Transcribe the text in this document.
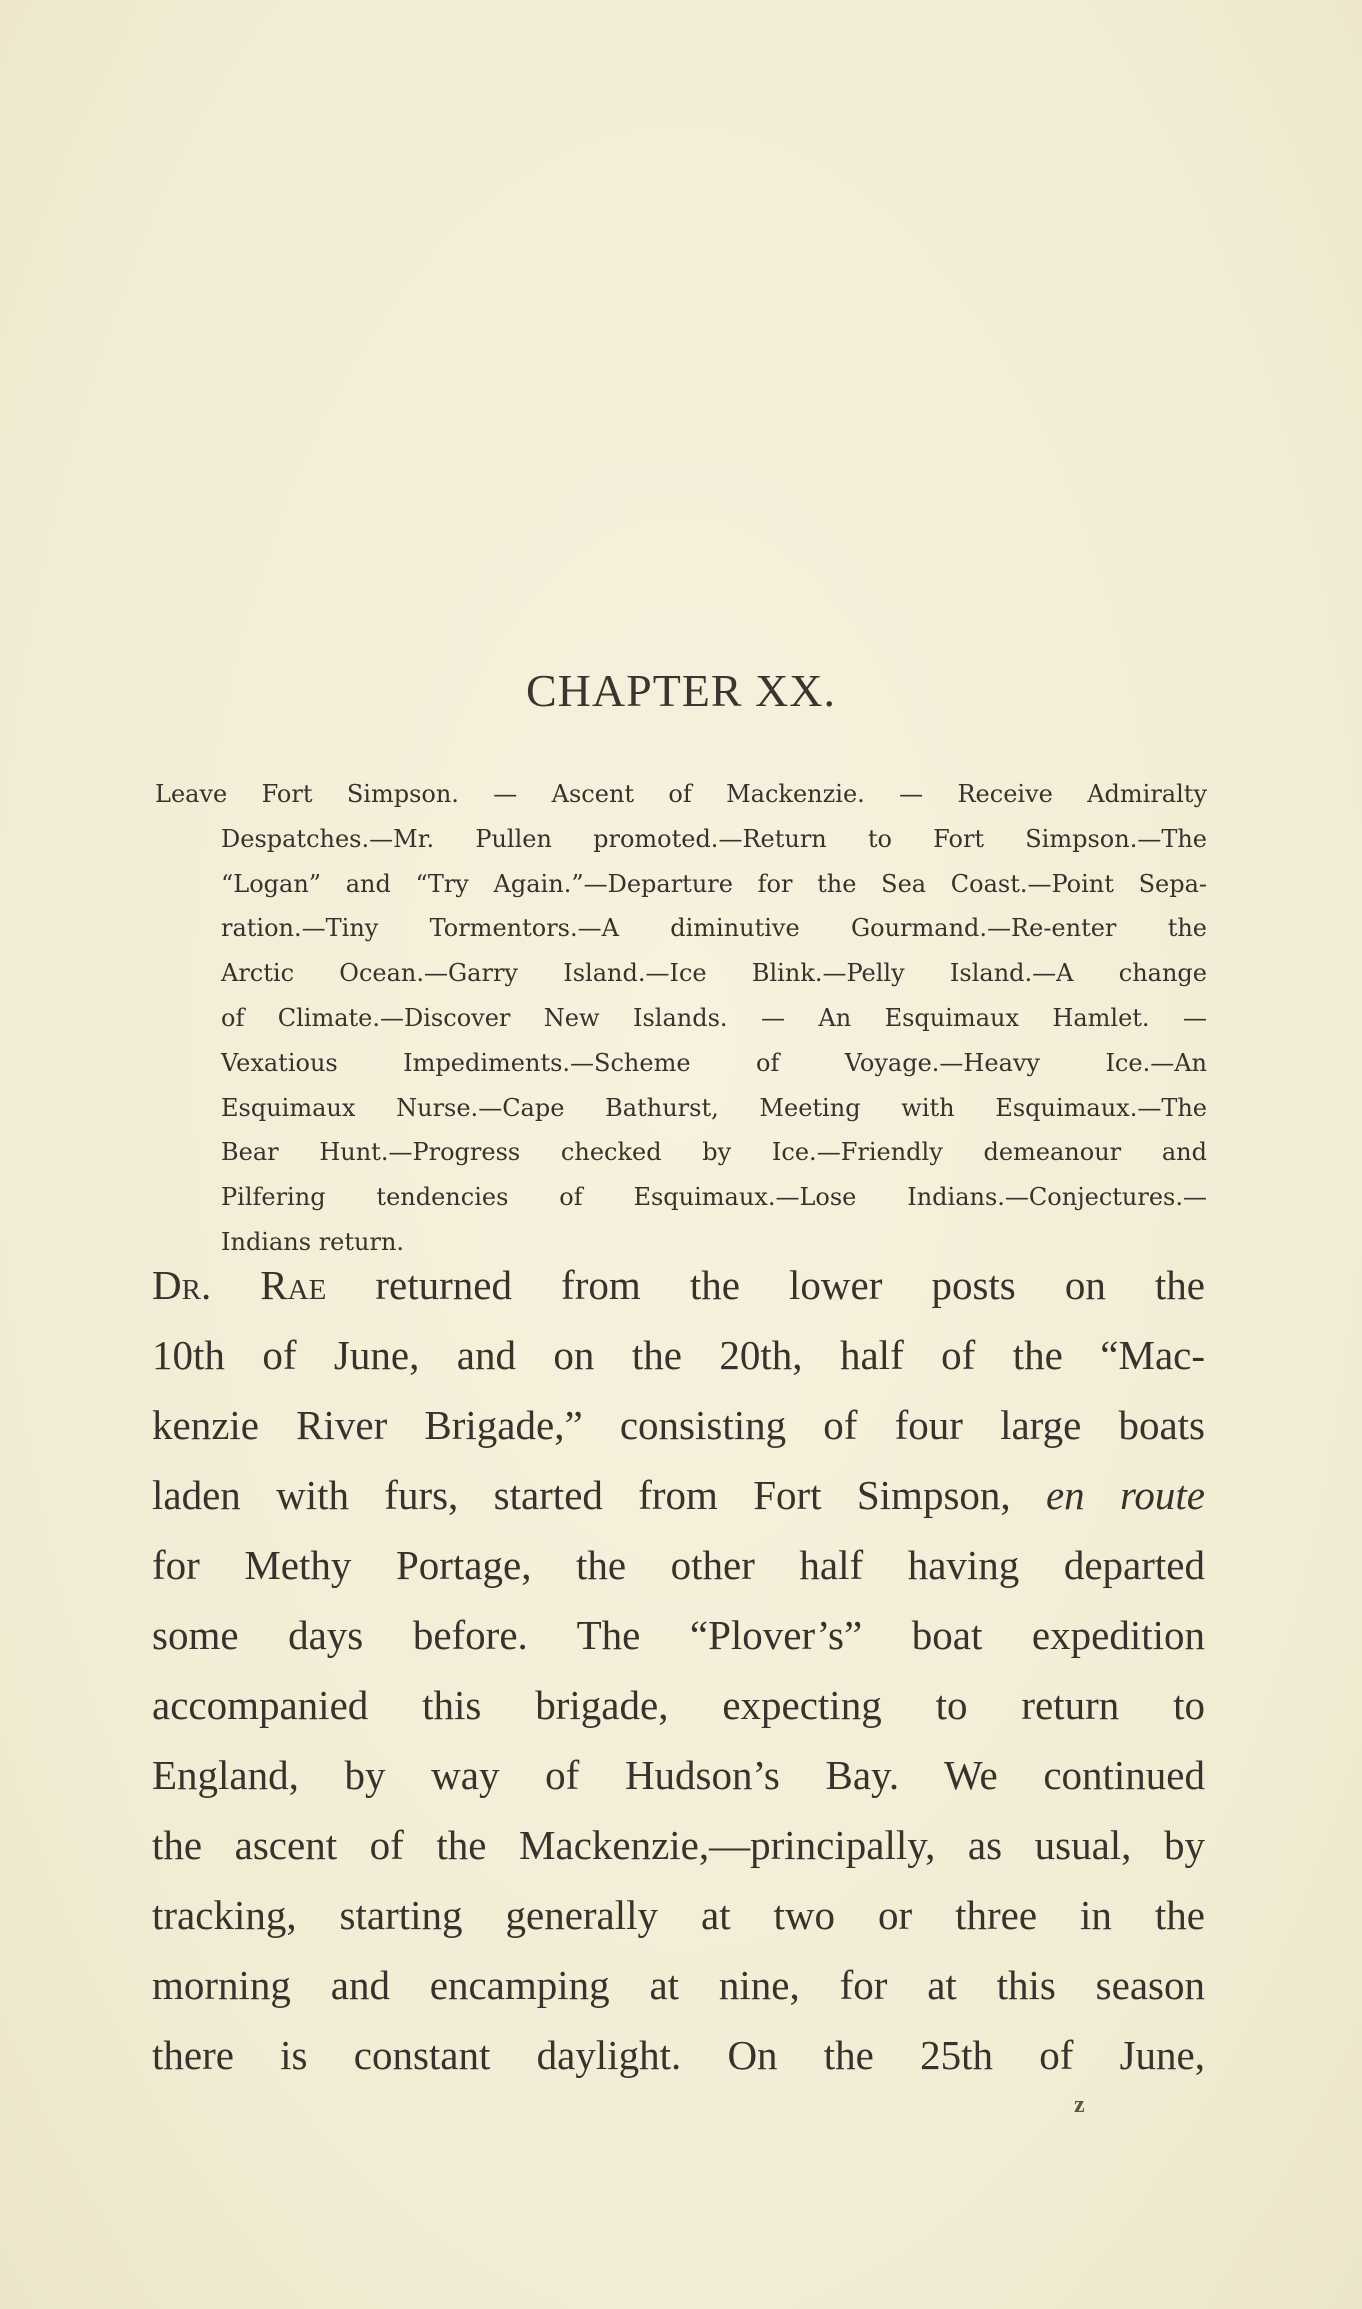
CHAPTER XX.
Leave Fort Simpson. — Ascent of Mackenzie. — Receive Admiralty
Despatches.—Mr. Pullen promoted.—Return to Fort Simpson.—The
“Logan” and “Try Again.”—Departure for the Sea Coast.—Point Sepa-
ration.—Tiny Tormentors.—A diminutive Gourmand.—Re-enter the
Arctic Ocean.—Garry Island.—Ice Blink.—Pelly Island.—A change
of Climate.—Discover New Islands. — An Esquimaux Hamlet. —
Vexatious Impediments.—Scheme of Voyage.—Heavy Ice.—An
Esquimaux Nurse.—Cape Bathurst, Meeting with Esquimaux.—The
Bear Hunt.—Progress checked by Ice.—Friendly demeanour and
Pilfering tendencies of Esquimaux.—Lose Indians.—Conjectures.—
Indians return.
Dr. Rae returned from the lower posts on the
10th of June, and on the 20th, half of the “Mac-
kenzie River Brigade,” consisting of four large boats
laden with furs, started from Fort Simpson, en route
for Methy Portage, the other half having departed
some days before. The “Plover’s” boat expedition
accompanied this brigade, expecting to return to
England, by way of Hudson’s Bay. We continued
the ascent of the Mackenzie,—principally, as usual, by
tracking, starting generally at two or three in the
morning and encamping at nine, for at this season
there is constant daylight. On the 25th of June,
z
